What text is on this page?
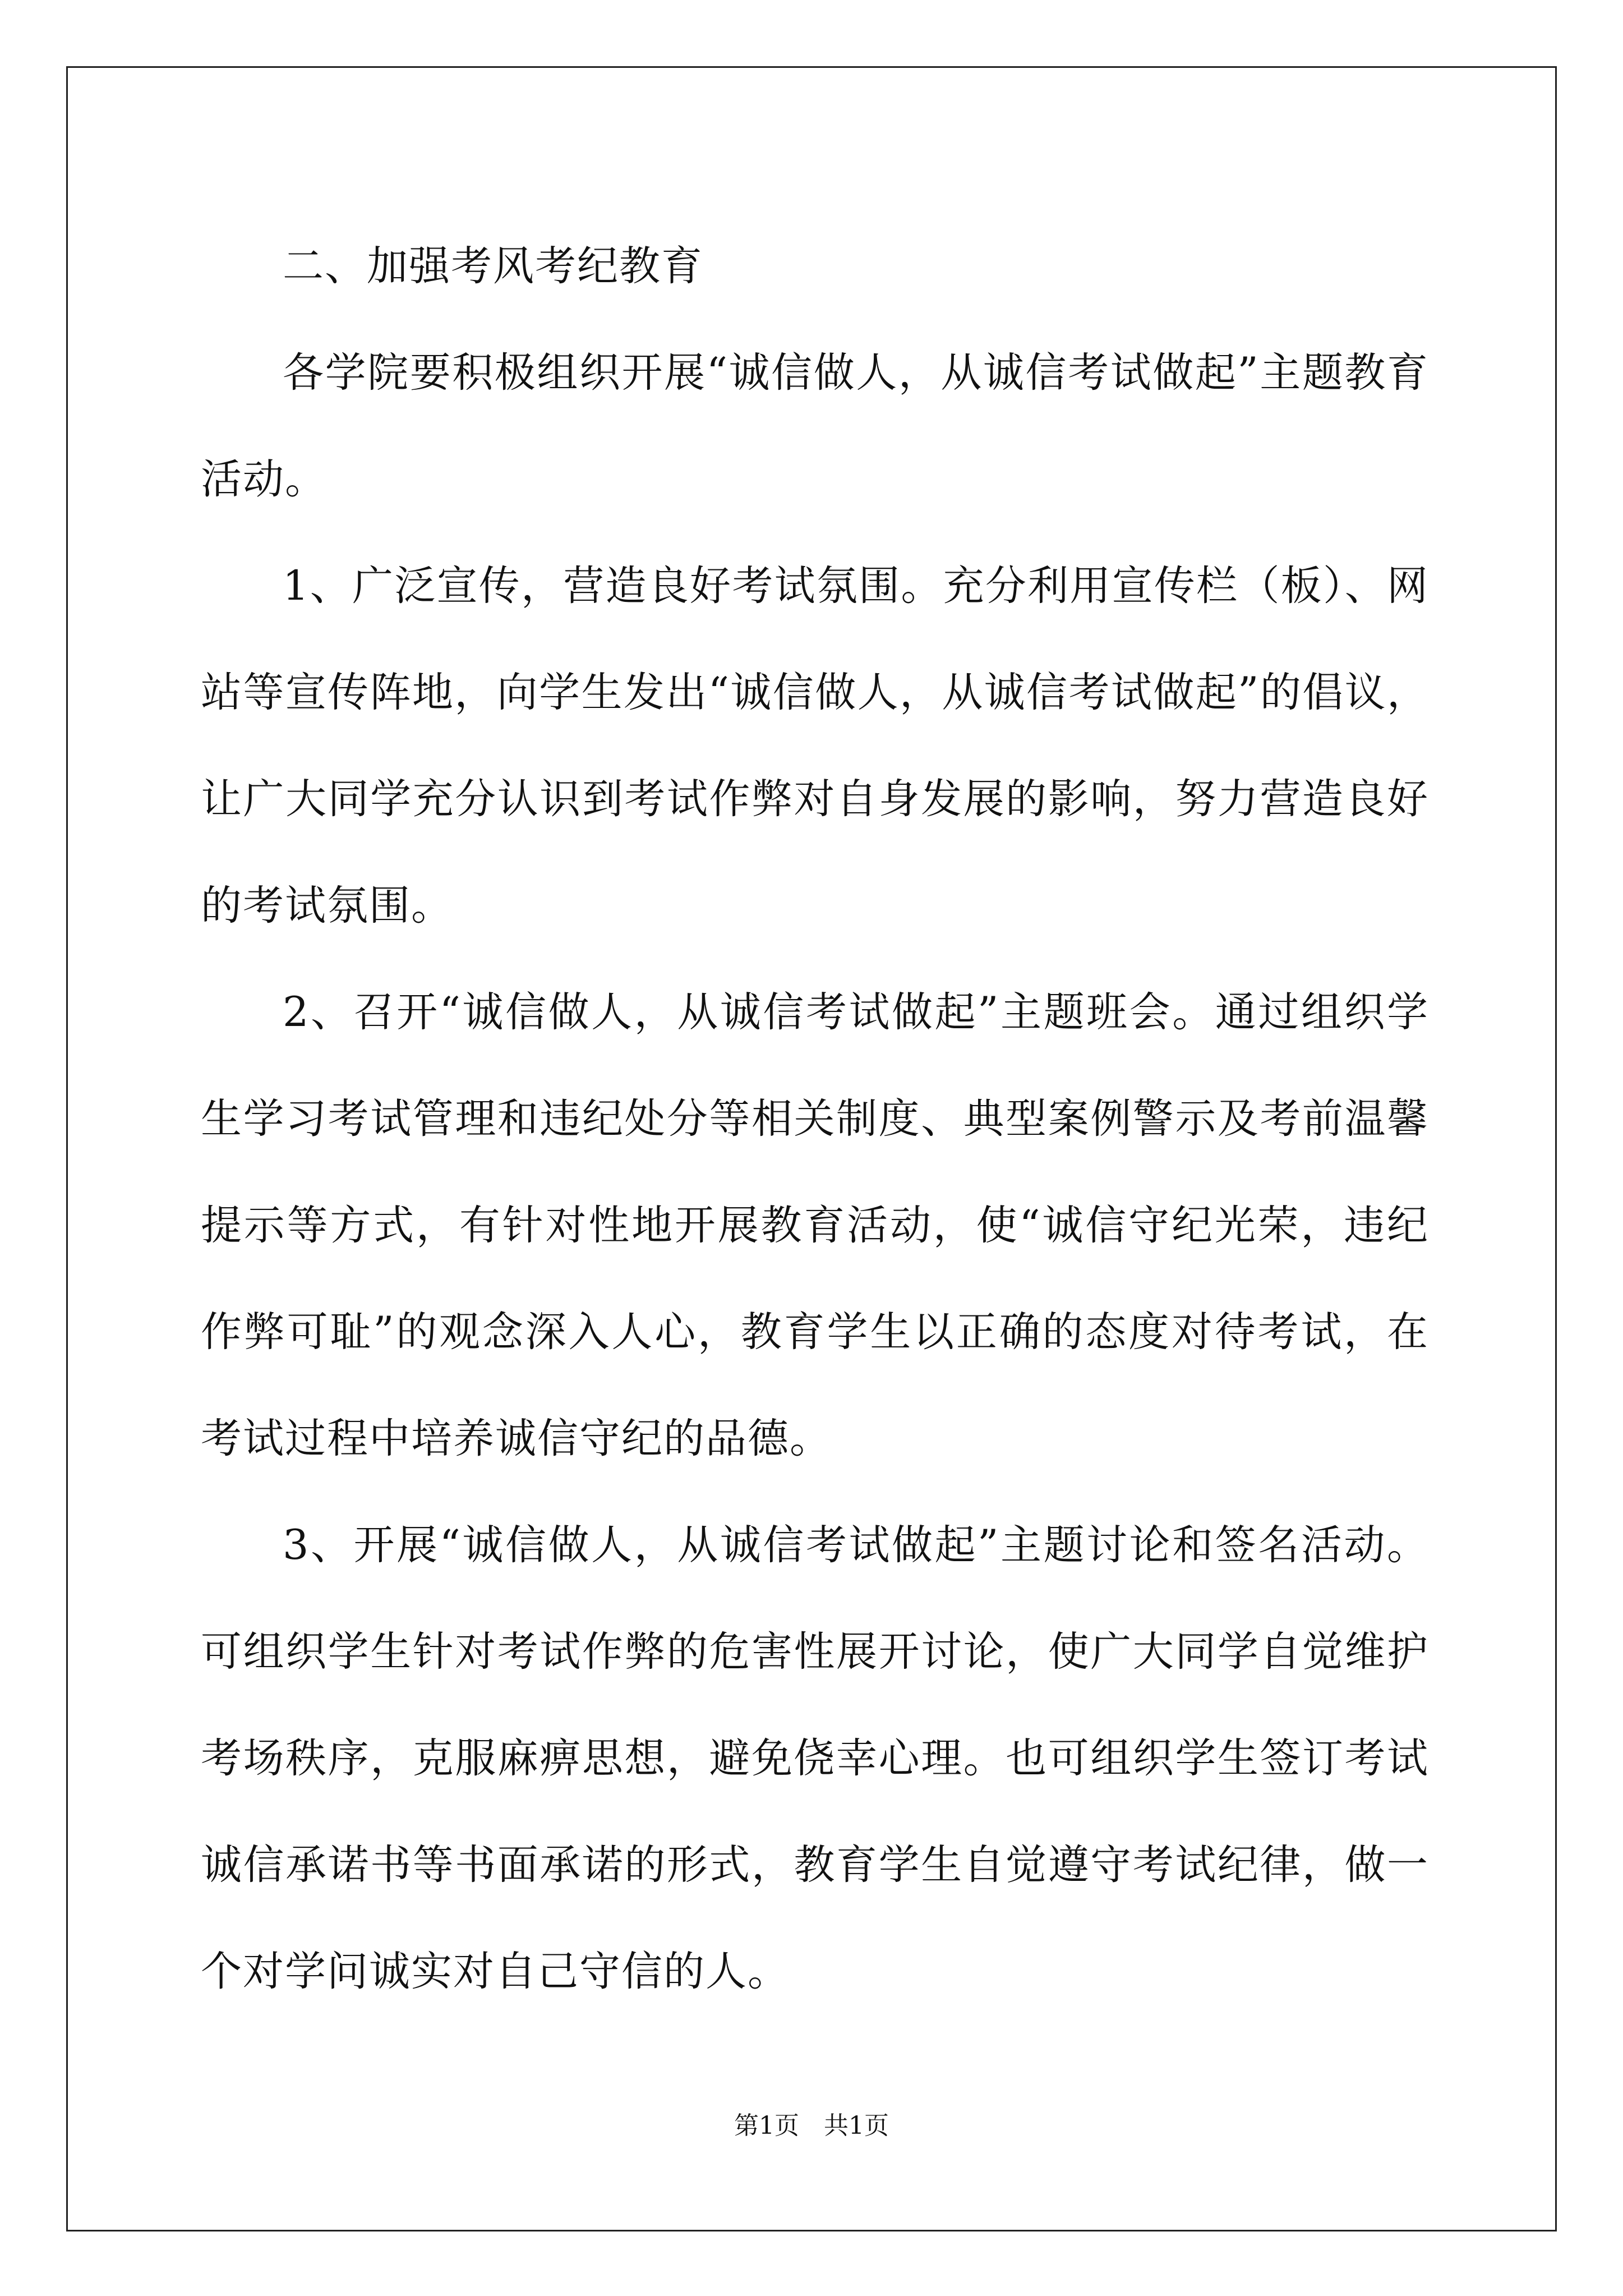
二、加强考风考纪教育

各学院要积极组织开展“诚信做人，从诚信考试做起”主题教育活动。

1、广泛宣传，营造良好考试氛围。充分利用宣传栏（板）、网站等宣传阵地，向学生发出“诚信做人，从诚信考试做起”的倡议，让广大同学充分认识到考试作弊对自身发展的影响，努力营造良好的考试氛围。

2、召开“诚信做人，从诚信考试做起”主题班会。通过组织学生学习考试管理和违纪处分等相关制度、典型案例警示及考前温馨提示等方式，有针对性地开展教育活动，使“诚信守纪光荣，违纪作弊可耻”的观念深入人心，教育学生以正确的态度对待考试，在考试过程中培养诚信守纪的品德。

3、开展“诚信做人，从诚信考试做起”主题讨论和签名活动。可组织学生针对考试作弊的危害性展开讨论，使广大同学自觉维护考场秩序，克服麻痹思想，避免侥幸心理。也可组织学生签订考试诚信承诺书等书面承诺的形式，教育学生自觉遵守考试纪律，做一个对学问诚实对自己守信的人。

第1页　共1页
